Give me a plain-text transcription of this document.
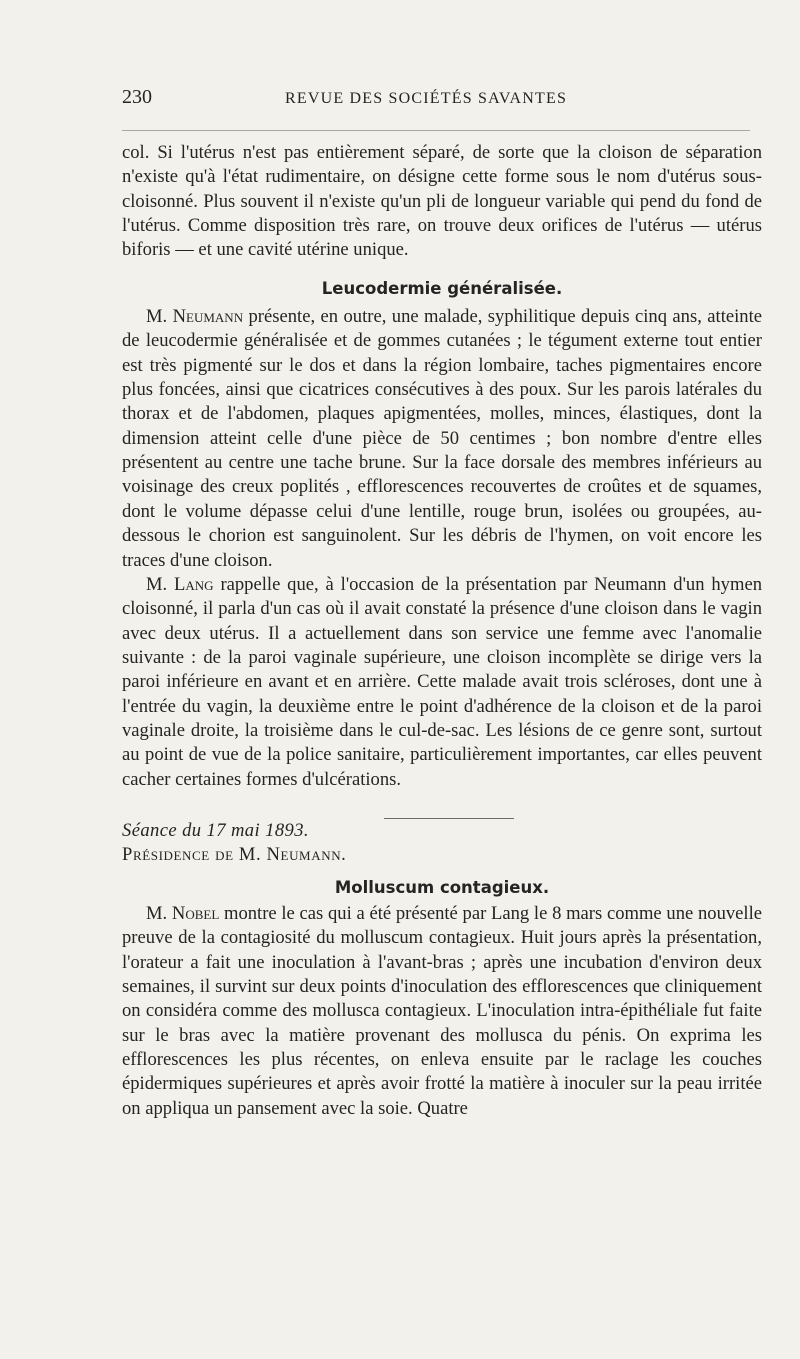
230	REVUE DES SOCIÉTÉS SAVANTES

col. Si l'utérus n'est pas entièrement séparé, de sorte que la cloison de séparation n'existe qu'à l'état rudimentaire, on désigne cette forme sous le nom d'utérus sous-cloisonné. Plus souvent il n'existe qu'un pli de longueur variable qui pend du fond de l'utérus. Comme disposition très rare, on trouve deux orifices de l'utérus — utérus biforis — et une cavité utérine unique.

Leucodermie généralisée.

M. Neumann présente, en outre, une malade, syphilitique depuis cinq ans, atteinte de leucodermie généralisée et de gommes cutanées ; le tégument externe tout entier est très pigmenté sur le dos et dans la région lombaire, taches pigmentaires encore plus foncées, ainsi que cicatrices consécutives à des poux. Sur les parois latérales du thorax et de l'abdomen, plaques apigmentées, molles, minces, élastiques, dont la dimension atteint celle d'une pièce de 50 centimes ; bon nombre d'entre elles présentent au centre une tache brune. Sur la face dorsale des membres inférieurs au voisinage des creux poplités , efflorescences recouvertes de croûtes et de squames, dont le volume dépasse celui d'une lentille, rouge brun, isolées ou groupées, au-dessous le chorion est sanguinolent. Sur les débris de l'hymen, on voit encore les traces d'une cloison.

M. Lang rappelle que, à l'occasion de la présentation par Neumann d'un hymen cloisonné, il parla d'un cas où il avait constaté la présence d'une cloison dans le vagin avec deux utérus. Il a actuellement dans son service une femme avec l'anomalie suivante : de la paroi vaginale supérieure, une cloison incomplète se dirige vers la paroi inférieure en avant et en arrière. Cette malade avait trois scléroses, dont une à l'entrée du vagin, la deuxième entre le point d'adhérence de la cloison et de la paroi vaginale droite, la troisième dans le cul-de-sac. Les lésions de ce genre sont, surtout au point de vue de la police sanitaire, particulièrement importantes, car elles peuvent cacher certaines formes d'ulcérations.

Séance du 17 mai 1893.

Présidence de M. Neumann.

Molluscum contagieux.

M. Nobel montre le cas qui a été présenté par Lang le 8 mars comme une nouvelle preuve de la contagiosité du molluscum contagieux. Huit jours après la présentation, l'orateur a fait une inoculation à l'avant-bras ; après une incubation d'environ deux semaines, il survint sur deux points d'inoculation des efflorescences que cliniquement on considéra comme des mollusca contagieux. L'inoculation intra-épithéliale fut faite sur le bras avec la matière provenant des mollusca du pénis. On exprima les efflorescences les plus récentes, on enleva ensuite par le raclage les couches épidermiques supérieures et après avoir frotté la matière à inoculer sur la peau irritée on appliqua un pansement avec la soie. Quatre
